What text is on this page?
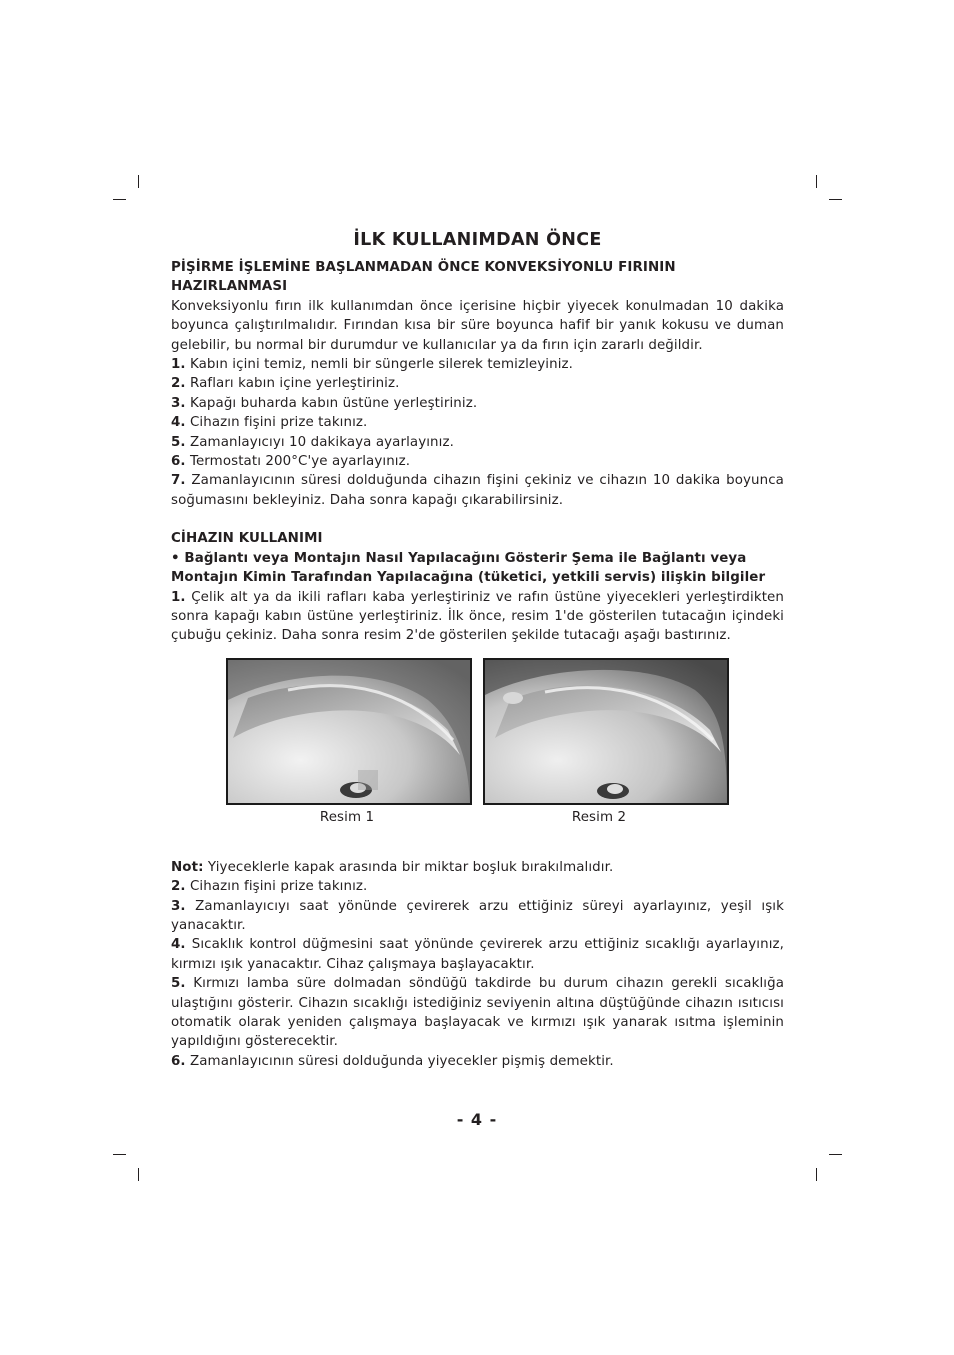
İLK KULLANIMDAN ÖNCE

PİŞİRME İŞLEMİNE BAŞLANMADAN ÖNCE KONVEKSİYONLU FIRININ HAZIRLANMASI

Konveksiyonlu fırın ilk kullanımdan önce içerisine hiçbir yiyecek konulmadan 10 dakika boyunca çalıştırılmalıdır. Fırından kısa bir süre boyunca hafif bir yanık kokusu ve duman gelebilir, bu normal bir durumdur ve kullanıcılar ya da fırın için zararlı değildir.

1. Kabın içini temiz, nemli bir süngerle silerek temizleyiniz.

2. Rafları kabın içine yerleştiriniz.

3. Kapağı buharda kabın üstüne yerleştiriniz.

4. Cihazın fişini prize takınız.

5. Zamanlayıcıyı 10 dakikaya ayarlayınız.

6. Termostatı 200°C'ye ayarlayınız.

7. Zamanlayıcının süresi dolduğunda cihazın fişini çekiniz ve cihazın 10 dakika boyunca soğumasını bekleyiniz. Daha sonra kapağı çıkarabilirsiniz.

CİHAZIN KULLANIMI

• Bağlantı veya Montajın Nasıl Yapılacağını Gösterir Şema ile Bağlantı veya Montajın Kimin Tarafından Yapılacağına (tüketici, yetkili servis) ilişkin bilgiler

1. Çelik alt ya da ikili rafları kaba yerleştiriniz ve rafın üstüne yiyecekleri yerleştirdikten sonra kapağı kabın üstüne yerleştiriniz. İlk önce, resim 1'de gösterilen tutacağın içindeki çubuğu çekiniz. Daha sonra resim 2'de gösterilen şekilde tutacağı aşağı bastırınız.

Resim 1	Resim 2

Not: Yiyeceklerle kapak arasında bir miktar boşluk bırakılmalıdır.

2. Cihazın fişini prize takınız.

3. Zamanlayıcıyı saat yönünde çevirerek arzu ettiğiniz süreyi ayarlayınız, yeşil ışık yanacaktır.

4. Sıcaklık kontrol düğmesini saat yönünde çevirerek arzu ettiğiniz sıcaklığı ayarlayınız, kırmızı ışık yanacaktır. Cihaz çalışmaya başlayacaktır.

5. Kırmızı lamba süre dolmadan söndüğü takdirde bu durum cihazın gerekli sıcaklığa ulaştığını gösterir. Cihazın sıcaklığı istediğiniz seviyenin altına düştüğünde cihazın ısıtıcısı otomatik olarak yeniden çalışmaya başlayacak ve kırmızı ışık yanarak ısıtma işleminin yapıldığını gösterecektir.

6. Zamanlayıcının süresi dolduğunda yiyecekler pişmiş demektir.

- 4 -
